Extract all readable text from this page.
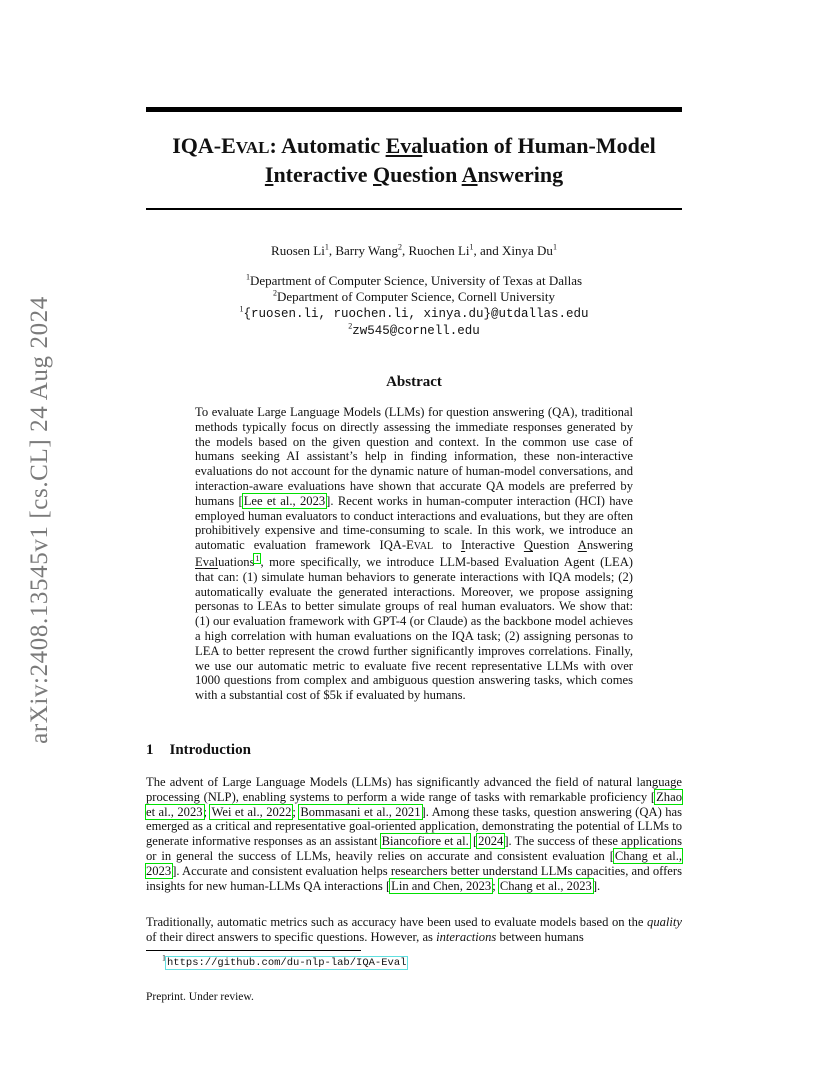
arXiv:2408.13545v1 [cs.CL] 24 Aug 2024
IQA-EVAL: Automatic Evaluation of Human-Model
Interactive Question Answering
Ruosen Li$^1$, Barry Wang$^2$, Ruochen Li$^1$, and Xinya Du$^1$
$^1$Department of Computer Science, University of Texas at Dallas
$^2$Department of Computer Science, Cornell University
$^1${ruosen.li, ruochen.li, xinya.du}@utdallas.edu
$^2$zw545@cornell.edu
Abstract
To evaluate Large Language Models (LLMs) for question answering (QA), traditional methods typically focus on directly assessing the immediate responses generated by the models based on the given question and context. In the common use case of humans seeking AI assistant’s help in finding information, these non-interactive evaluations do not account for the dynamic nature of human-model conversations, and interaction-aware evaluations have shown that accurate QA models are preferred by humans [Lee et al., 2023]. Recent works in human-computer interaction (HCI) have employed human evaluators to conduct interactions and evaluations, but they are often prohibitively expensive and time-consuming to scale. In this work, we introduce an automatic evaluation framework IQA-EVAL to Interactive Question Answering Evaluations$^1$, more specifically, we introduce LLM-based Evaluation Agent (LEA) that can: (1) simulate human behaviors to generate interactions with IQA models; (2) automatically evaluate the generated interactions. Moreover, we propose assigning personas to LEAs to better simulate groups of real human evaluators. We show that: (1) our evaluation framework with GPT-4 (or Claude) as the backbone model achieves a high correlation with human evaluations on the IQA task; (2) assigning personas to LEA to better represent the crowd further significantly improves correlations. Finally, we use our automatic metric to evaluate five recent representative LLMs with over 1000 questions from complex and ambiguous question answering tasks, which comes with a substantial cost of $5k if evaluated by humans.
1 Introduction
The advent of Large Language Models (LLMs) has significantly advanced the field of natural language processing (NLP), enabling systems to perform a wide range of tasks with remarkable proficiency [Zhao et al., 2023; Wei et al., 2022; Bommasani et al., 2021]. Among these tasks, question answering (QA) has emerged as a critical and representative goal-oriented application, demonstrating the potential of LLMs to generate informative responses as an assistant Biancofiore et al. [2024]. The success of these applications or in general the success of LLMs, heavily relies on accurate and consistent evaluation [Chang et al., 2023]. Accurate and consistent evaluation helps researchers better understand LLMs capacities, and offers insights for new human-LLMs QA interactions [Lin and Chen, 2023; Chang et al., 2023].
Traditionally, automatic metrics such as accuracy have been used to evaluate models based on the quality of their direct answers to specific questions. However, as interactions between humans
$^1$https://github.com/du-nlp-lab/IQA-Eval
Preprint. Under review.
